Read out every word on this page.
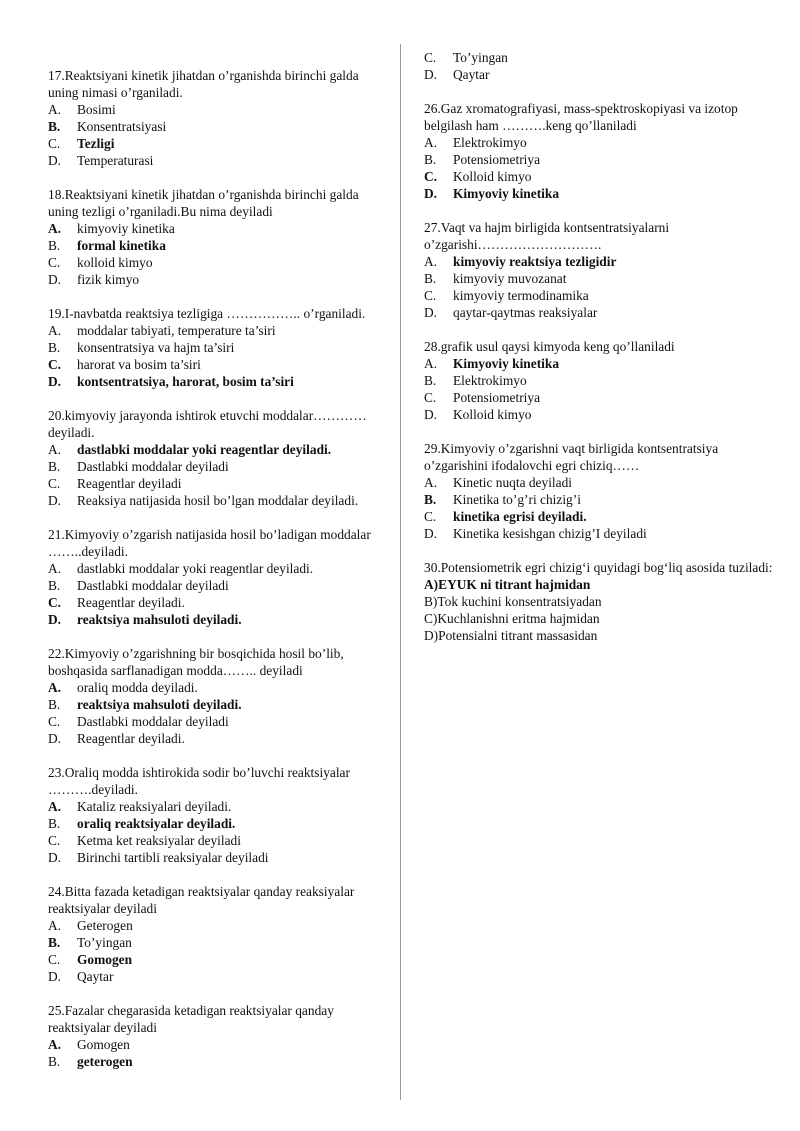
17.Reaktsiyani kinetik jihatdan o’rganishda birinchi galda uning nimasi o’rganiladi.
A.	Bosimi
B.	Konsentratsiyasi
C.	Tezligi
D.	Temperaturasi
18.Reaktsiyani kinetik jihatdan o’rganishda birinchi galda uning tezligi o’rganiladi.Bu nima deyiladi
A.	kimyoviy kinetika
B.	formal kinetika
C.	kolloid kimyo
D.	fizik kimyo
19.I-navbatda reaktsiya tezligiga …………….. o’rganiladi.
A.	moddalar tabiyati, temperature ta’siri
B.	konsentratsiya va hajm ta’siri
C.	harorat va bosim ta’siri
D.	kontsentratsiya, harorat, bosim ta’siri
20.kimyoviy jarayonda ishtirok etuvchi moddalar…………deyiladi.
A.	dastlabki moddalar yoki reagentlar deyiladi.
B.	Dastlabki moddalar deyiladi
C.	Reagentlar deyiladi
D.	Reaksiya natijasida hosil bo’lgan moddalar deyiladi.
21.Kimyoviy o’zgarish natijasida hosil bo’ladigan moddalar ……..deyiladi.
A.	dastlabki moddalar yoki reagentlar deyiladi.
B.	Dastlabki moddalar deyiladi
C.	Reagentlar deyiladi.
D.	reaktsiya mahsuloti deyiladi.
22.Kimyoviy o’zgarishning bir bosqichida hosil bo’lib, boshqasida sarflanadigan modda…….. deyiladi
A.	oraliq modda deyiladi.
B.	reaktsiya mahsuloti deyiladi.
C.	Dastlabki moddalar deyiladi
D.	Reagentlar deyiladi.
23.Oraliq modda ishtirokida sodir bo’luvchi reaktsiyalar ……….deyiladi.
A.	Kataliz reaksiyalari deyiladi.
B.	oraliq reaktsiyalar deyiladi.
C.	Ketma ket reaksiyalar deyiladi
D.	Birinchi tartibli reaksiyalar deyiladi
24.Bitta fazada ketadigan reaktsiyalar qanday reaksiyalar reaktsiyalar deyiladi
A.	Geterogen
B.	To’yingan
C.	Gomogen
D.	Qaytar
25.Fazalar chegarasida ketadigan reaktsiyalar qanday reaktsiyalar deyiladi
A.	Gomogen
B.	geterogen
C.	To’yingan
D.	Qaytar
26.Gaz xromatografiyasi, mass-spektroskopiyasi va izotop belgilash ham ……….keng qo’llaniladi
A.	Elektrokimyo
B.	Potensiometriya
C.	Kolloid kimyo
D.	Kimyoviy kinetika
27.Vaqt va hajm birligida kontsentratsiyalarni o’zgarishi……………………….
A.	kimyoviy reaktsiya tezligidir
B.	kimyoviy muvozanat
C.	kimyoviy termodinamika
D.	qaytar-qaytmas reaksiyalar
28.grafik usul qaysi kimyoda keng qo’llaniladi
A.	Kimyoviy kinetika
B.	Elektrokimyo
C.	Potensiometriya
D.	Kolloid kimyo
29.Kimyoviy o’zgarishni vaqt birligida kontsentratsiya o’zgarishini ifodalovchi egri chiziq……
A.	Kinetic nuqta deyiladi
B.	Kinetika to’g’ri chizig’i
C.	kinetika egrisi deyiladi.
D.	Kinetika kesishgan chizig’I deyiladi
30.Potensiometrik egri chizig‘i quyidagi bog‘liq asosida tuziladi:
A) EYUK ni titrant hajmidan
B) Tok kuchini konsentratsiyadan
C) Kuchlanishni eritma hajmidan
D) Potensialni titrant massasidan
